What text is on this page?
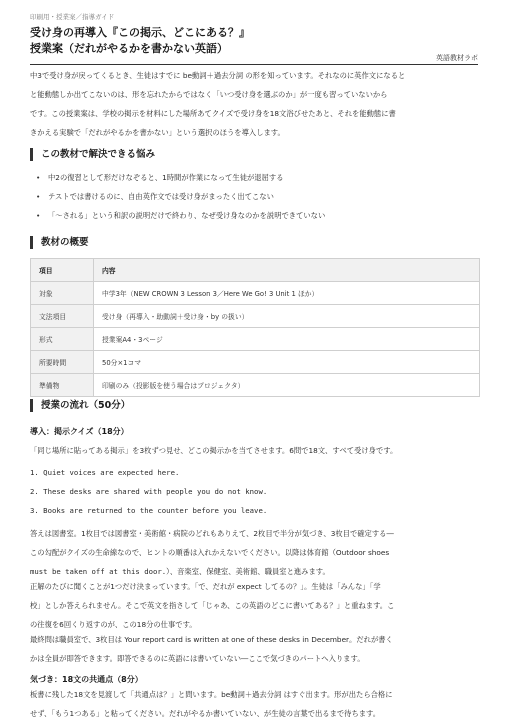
印刷用・授業案／指導ガイド
受け身の再導入『この掲示、どこにある？』
授業案（だれがやるかを書かない英語）
英語教材ラボ
中3で受け身が戻ってくるとき、生徒はすでに be動詞＋過去分詞 の形を知っています。それなのに英作文になると
と能動態しか出てこないのは、形を忘れたからではなく「いつ受け身を選ぶのか」が一度も習っていないから
です。この授業案は、学校の掲示を材料にした場所あてクイズで受け身を18文浴びせたあと、それを能動態に書
きかえる実験で「だれがやるかを書かない」という選択のほうを導入します。
この教材で解決できる悩み
• 中2の復習として形だけなぞると、1時間が作業になって生徒が退屈する
• テストでは書けるのに、自由英作文では受け身がまったく出てこない
• 「～される」という和訳の説明だけで終わり、なぜ受け身なのかを説明できていない
教材の概要
項目	内容
対象	中学3年（NEW CROWN 3 Lesson 3／Here We Go! 3 Unit 1 ほか）
文法項目	受け身（再導入・助動詞＋受け身・by の扱い）
形式	授業案A4・3ページ
所要時間	50分×1コマ
準備物	印刷のみ（投影版を使う場合はプロジェクタ）
授業の流れ（50分）
導入：掲示クイズ（18分）
「同じ場所に貼ってある掲示」を3枚ずつ見せ、どこの掲示かを当てさせます。6問で18文、すべて受け身です。
1. Quiet voices are expected here.
2. These desks are shared with people you do not know.
3. Books are returned to the counter before you leave.
答えは図書室。1枚目では図書室・美術館・病院のどれもありえて、2枚目で半分が気づき、3枚目で確定する―
この勾配がクイズの生命線なので、ヒントの順番は入れかえないでください。以降は体育館（Outdoor shoes
must be taken off at this door.）、音楽室、保健室、美術館、職員室と進みます。
正解のたびに聞くことが1つだけ決まっています。「で、だれが expect してるの？」。生徒は「みんな」「学
校」としか答えられません。そこで英文を指さして「じゃあ、この英語のどこに書いてある？」と重ねます。こ
の往復を6回くり返すのが、この18分の仕事です。
最終問は職員室で、3枚目は Your report card is written at one of these desks in December。だれが書く
かは全員が即答できます。即答できるのに英語には書いていない―ここで気づきのパートへ入ります。
気づき：18文の共通点（8分）
板書に残した18文を見渡して「共通点は？」と問います。be動詞＋過去分詞 はすぐ出ます。形が出たら合格に
せず、「もう1つある」と粘ってください。だれがやるか書いていない、が生徒の言葉で出るまで待ちます。
